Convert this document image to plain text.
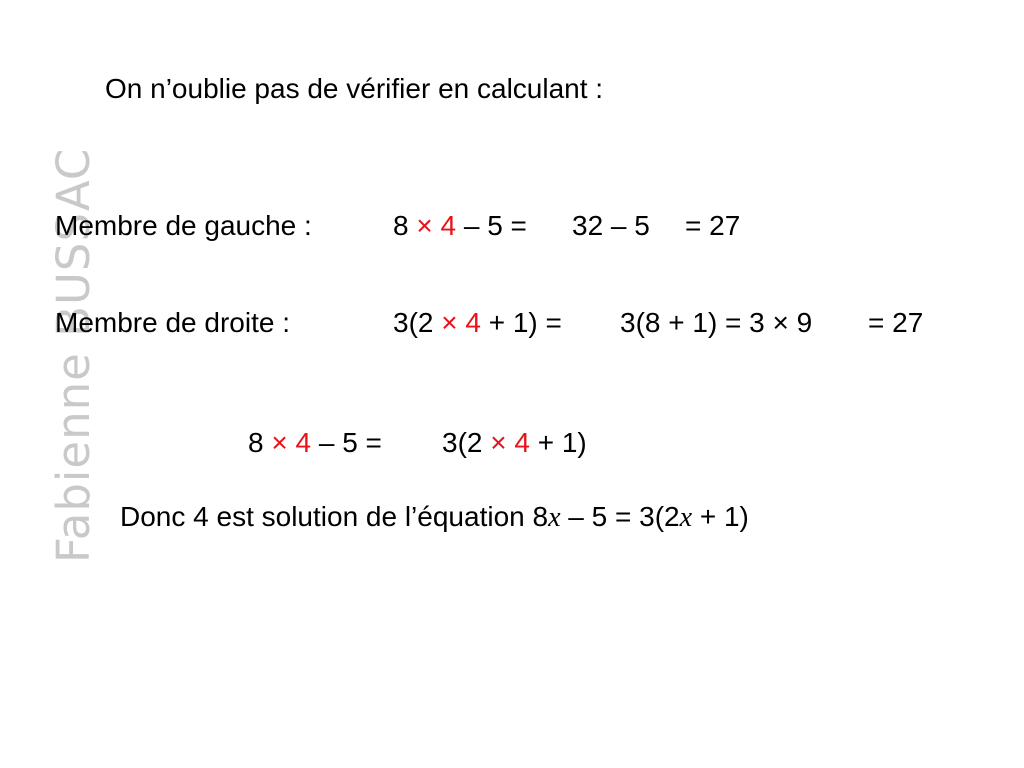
Fabienne BUSSAC
On n’oublie pas de vérifier en calculant :
Membre de gauche :	8 × 4 – 5 = 32 – 5 = 27
Membre de droite :	3(2 × 4 + 1) = 3(8 + 1) = 3 × 9 = 27
8 × 4 – 5 = 3(2 × 4 + 1)
Donc 4 est solution de l’équation 8x – 5 = 3(2x + 1)
